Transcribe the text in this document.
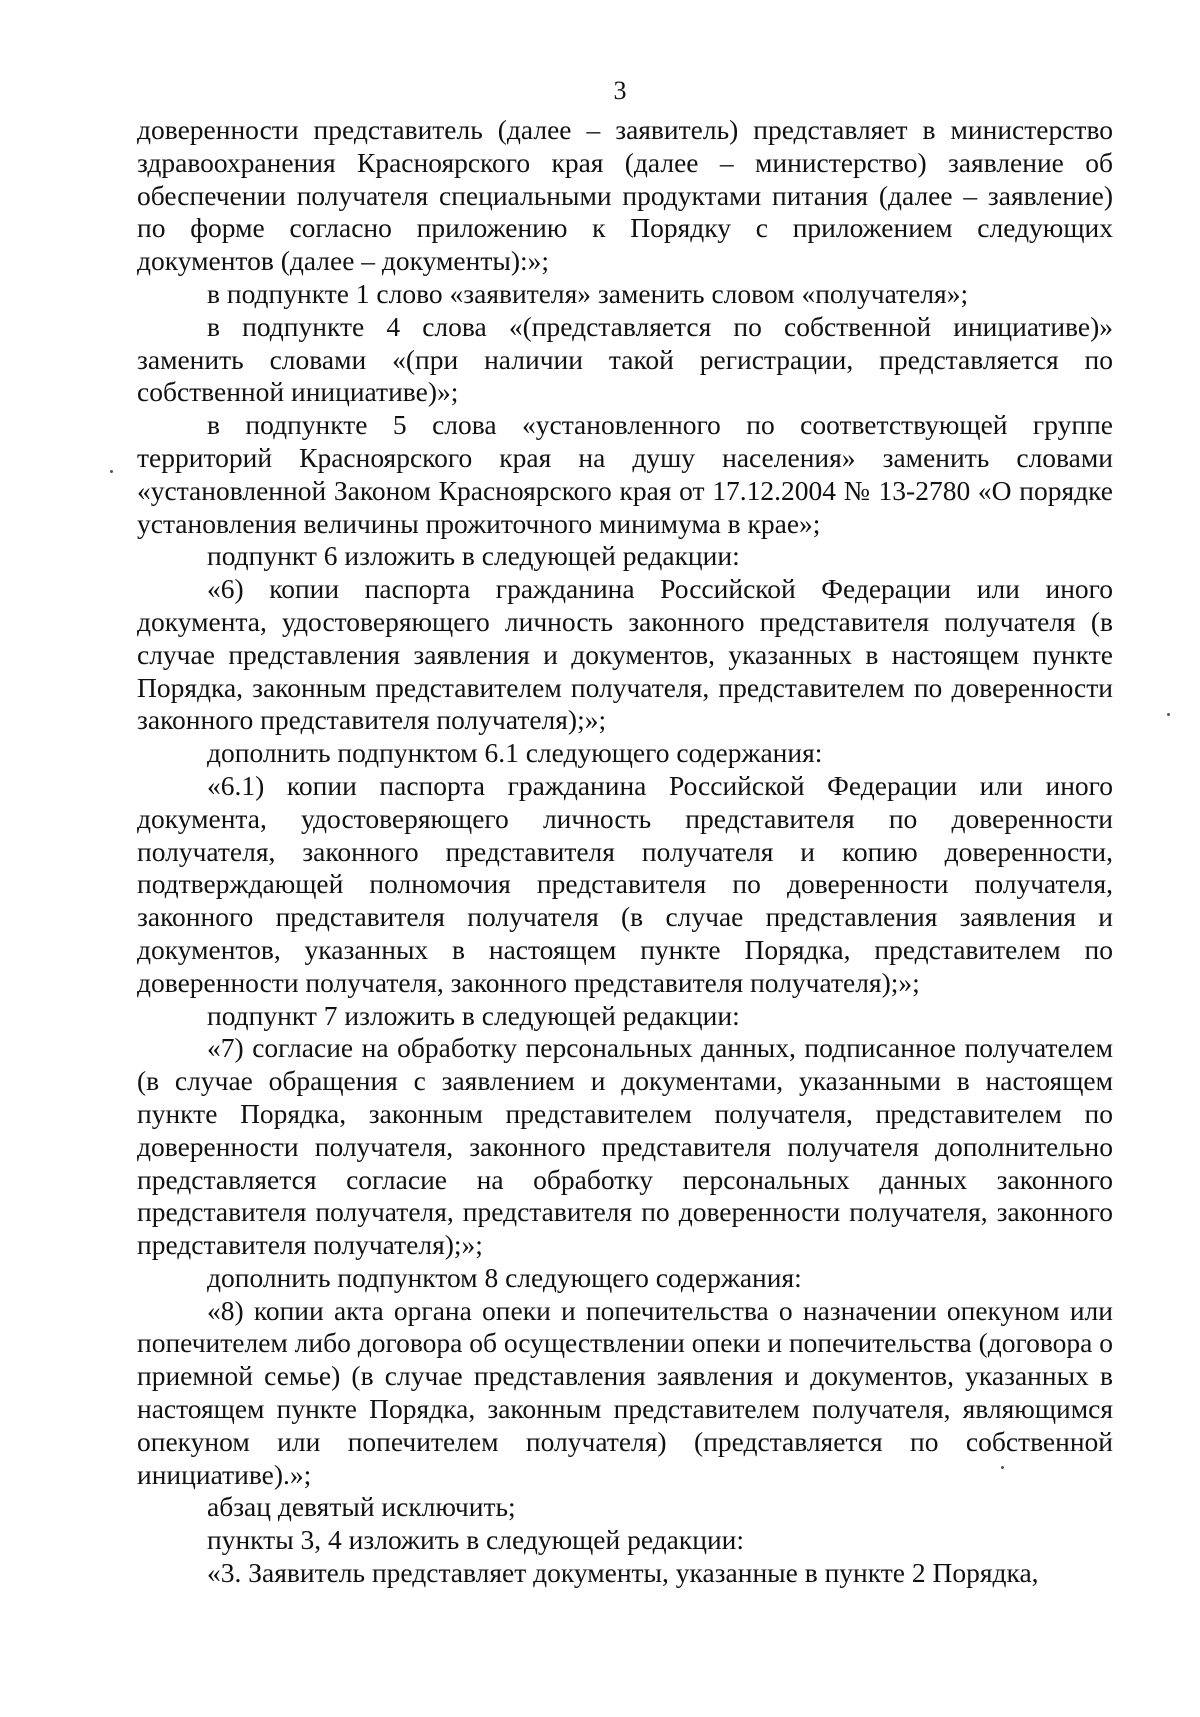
3

доверенности представитель (далее – заявитель) представляет в министерство здравоохранения Красноярского края (далее – министерство) заявление об обеспечении получателя специальными продуктами питания (далее – заявление) по форме согласно приложению к Порядку с приложением следующих документов (далее – документы):»;

в подпункте 1 слово «заявителя» заменить словом «получателя»;

в подпункте 4 слова «(представляется по собственной инициативе)» заменить словами «(при наличии такой регистрации, представляется по собственной инициативе)»;

в подпункте 5 слова «установленного по соответствующей группе территорий Красноярского края на душу населения» заменить словами «установленной Законом Красноярского края от 17.12.2004 № 13-2780 «О порядке установления величины прожиточного минимума в крае»;

подпункт 6 изложить в следующей редакции:

«6) копии паспорта гражданина Российской Федерации или иного документа, удостоверяющего личность законного представителя получателя (в случае представления заявления и документов, указанных в настоящем пункте Порядка, законным представителем получателя, представителем по доверенности законного представителя получателя);»;

дополнить подпунктом 6.1 следующего содержания:

«6.1) копии паспорта гражданина Российской Федерации или иного документа, удостоверяющего личность представителя по доверенности получателя, законного представителя получателя и копию доверенности, подтверждающей полномочия представителя по доверенности получателя, законного представителя получателя (в случае представления заявления и документов, указанных в настоящем пункте Порядка, представителем по доверенности получателя, законного представителя получателя);»;

подпункт 7 изложить в следующей редакции:

«7) согласие на обработку персональных данных, подписанное получателем (в случае обращения с заявлением и документами, указанными в настоящем пункте Порядка, законным представителем получателя, представителем по доверенности получателя, законного представителя получателя дополнительно представляется согласие на обработку персональных данных законного представителя получателя, представителя по доверенности получателя, законного представителя получателя);»;

дополнить подпунктом 8 следующего содержания:

«8) копии акта органа опеки и попечительства о назначении опекуном или попечителем либо договора об осуществлении опеки и попечительства (договора о приемной семье) (в случае представления заявления и документов, указанных в настоящем пункте Порядка, законным представителем получателя, являющимся опекуном или попечителем получателя) (представляется по собственной инициативе).»;

абзац девятый исключить;

пункты 3, 4 изложить в следующей редакции:

«3. Заявитель представляет документы, указанные в пункте 2 Порядка,
